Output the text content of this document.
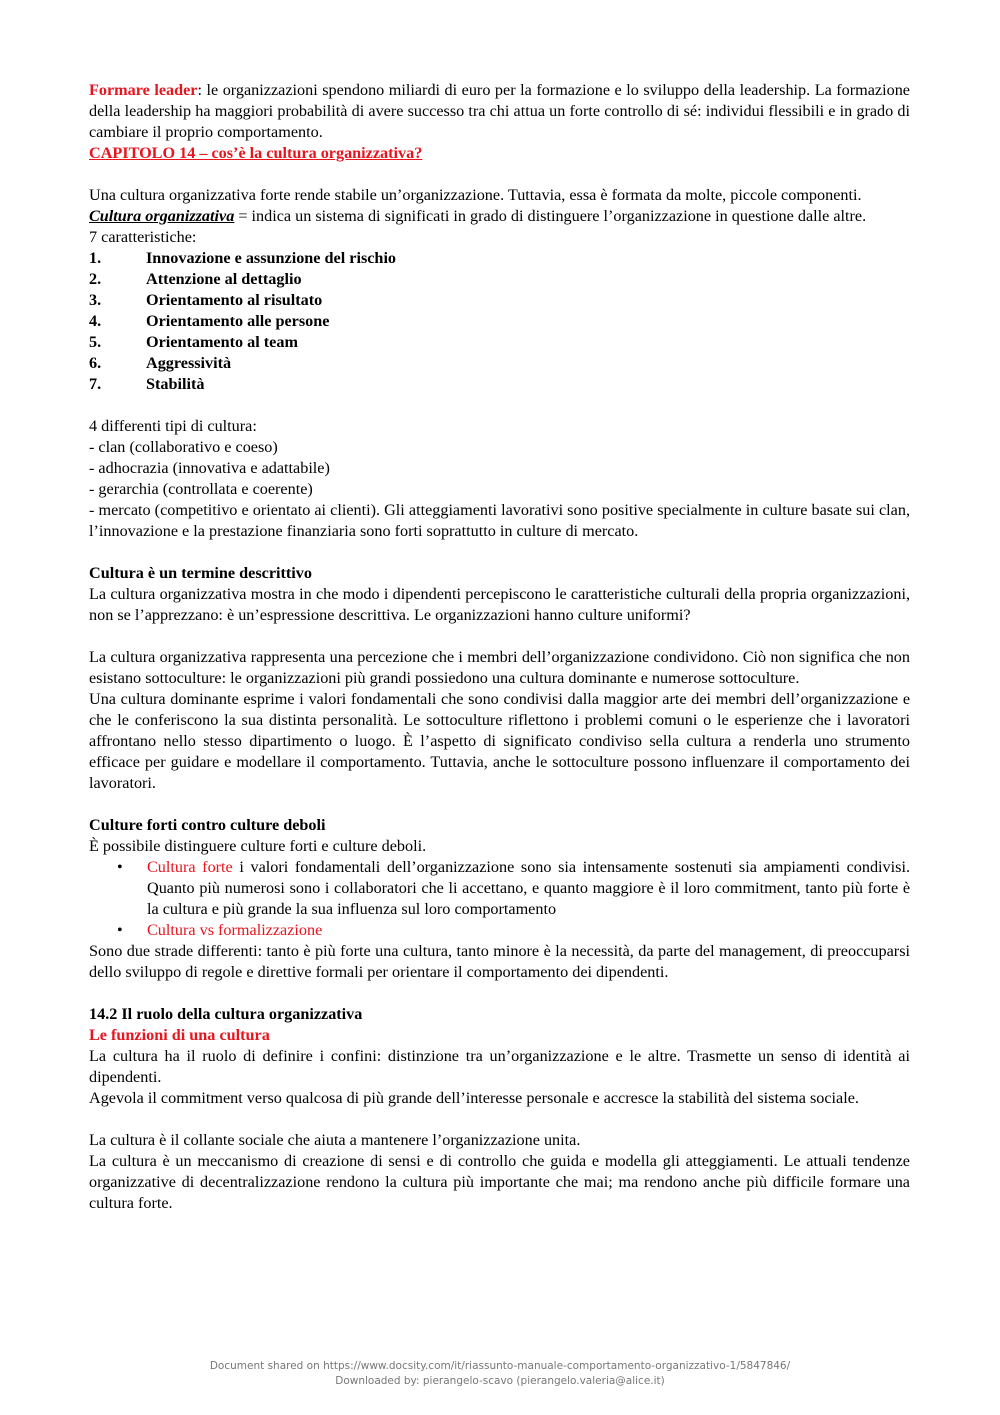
Formare leader: le organizzazioni spendono miliardi di euro per la formazione e lo sviluppo della leadership. La formazione della leadership ha maggiori probabilità di avere successo tra chi attua un forte controllo di sé: individui flessibili e in grado di cambiare il proprio comportamento.

CAPITOLO 14 – cos’è la cultura organizzativa?

Una cultura organizzativa forte rende stabile un’organizzazione. Tuttavia, essa è formata da molte, piccole componenti.

Cultura organizzativa = indica un sistema di significati in grado di distinguere l’organizzazione in questione dalle altre.

7 caratteristiche:

1.	Innovazione e assunzione del rischio
2.	Attenzione al dettaglio
3.	Orientamento al risultato
4.	Orientamento alle persone
5.	Orientamento al team
6.	Aggressività
7.	Stabilità

4 differenti tipi di cultura:

- clan (collaborativo e coeso)

- adhocrazia (innovativa e adattabile)

- gerarchia (controllata e coerente)

- mercato (competitivo e orientato ai clienti). Gli atteggiamenti lavorativi sono positive specialmente in culture basate sui clan, l’innovazione e la prestazione finanziaria sono forti soprattutto in culture di mercato.

Cultura è un termine descrittivo

La cultura organizzativa mostra in che modo i dipendenti percepiscono le caratteristiche culturali della propria organizzazioni, non se l’apprezzano: è un’espressione descrittiva. Le organizzazioni hanno culture uniformi?

La cultura organizzativa rappresenta una percezione che i membri dell’organizzazione condividono. Ciò non significa che non esistano sottoculture: le organizzazioni più grandi possiedono una cultura dominante e numerose sottoculture.

Una cultura dominante esprime i valori fondamentali che sono condivisi dalla maggior arte dei membri dell’organizzazione e che le conferiscono la sua distinta personalità. Le sottoculture riflettono i problemi comuni o le esperienze che i lavoratori affrontano nello stesso dipartimento o luogo. È l’aspetto di significato condiviso sella cultura a renderla uno strumento efficace per guidare e modellare il comportamento. Tuttavia, anche le sottoculture possono influenzare il comportamento dei lavoratori.

Culture forti contro culture deboli

È possibile distinguere culture forti e culture deboli.

•	Cultura forte i valori fondamentali dell’organizzazione sono sia intensamente sostenuti sia ampiamenti condivisi. Quanto più numerosi sono i collaboratori che li accettano, e quanto maggiore è il loro commitment, tanto più forte è la cultura e più grande la sua influenza sul loro comportamento
•	Cultura vs formalizzazione

Sono due strade differenti: tanto è più forte una cultura, tanto minore è la necessità, da parte del management, di preoccuparsi dello sviluppo di regole e direttive formali per orientare il comportamento dei dipendenti.

14.2 Il ruolo della cultura organizzativa

Le funzioni di una cultura

La cultura ha il ruolo di definire i confini: distinzione tra un’organizzazione e le altre. Trasmette un senso di identità ai dipendenti.

Agevola il commitment verso qualcosa di più grande dell’interesse personale e accresce la stabilità del sistema sociale.

La cultura è il collante sociale che aiuta a mantenere l’organizzazione unita.

La cultura è un meccanismo di creazione di sensi e di controllo che guida e modella gli atteggiamenti. Le attuali tendenze organizzative di decentralizzazione rendono la cultura più importante che mai; ma rendono anche più difficile formare una cultura forte.

Document shared on https://www.docsity.com/it/riassunto-manuale-comportamento-organizzativo-1/5847846/
Downloaded by: pierangelo-scavo (pierangelo.valeria@alice.it)
